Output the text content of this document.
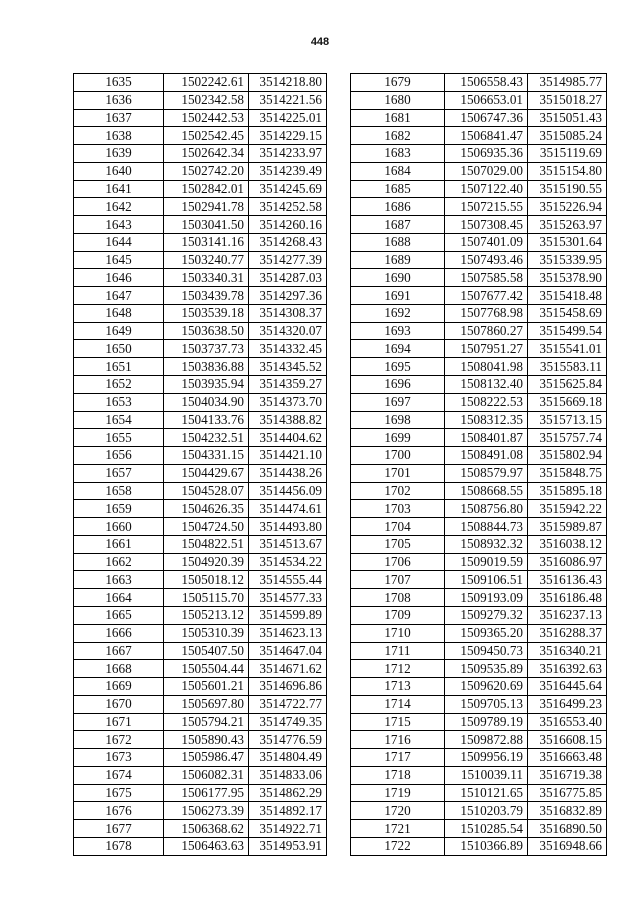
448
1635	1502242.61	3514218.80
1636	1502342.58	3514221.56
1637	1502442.53	3514225.01
1638	1502542.45	3514229.15
1639	1502642.34	3514233.97
1640	1502742.20	3514239.49
1641	1502842.01	3514245.69
1642	1502941.78	3514252.58
1643	1503041.50	3514260.16
1644	1503141.16	3514268.43
1645	1503240.77	3514277.39
1646	1503340.31	3514287.03
1647	1503439.78	3514297.36
1648	1503539.18	3514308.37
1649	1503638.50	3514320.07
1650	1503737.73	3514332.45
1651	1503836.88	3514345.52
1652	1503935.94	3514359.27
1653	1504034.90	3514373.70
1654	1504133.76	3514388.82
1655	1504232.51	3514404.62
1656	1504331.15	3514421.10
1657	1504429.67	3514438.26
1658	1504528.07	3514456.09
1659	1504626.35	3514474.61
1660	1504724.50	3514493.80
1661	1504822.51	3514513.67
1662	1504920.39	3514534.22
1663	1505018.12	3514555.44
1664	1505115.70	3514577.33
1665	1505213.12	3514599.89
1666	1505310.39	3514623.13
1667	1505407.50	3514647.04
1668	1505504.44	3514671.62
1669	1505601.21	3514696.86
1670	1505697.80	3514722.77
1671	1505794.21	3514749.35
1672	1505890.43	3514776.59
1673	1505986.47	3514804.49
1674	1506082.31	3514833.06
1675	1506177.95	3514862.29
1676	1506273.39	3514892.17
1677	1506368.62	3514922.71
1678	1506463.63	3514953.91
1679	1506558.43	3514985.77
1680	1506653.01	3515018.27
1681	1506747.36	3515051.43
1682	1506841.47	3515085.24
1683	1506935.36	3515119.69
1684	1507029.00	3515154.80
1685	1507122.40	3515190.55
1686	1507215.55	3515226.94
1687	1507308.45	3515263.97
1688	1507401.09	3515301.64
1689	1507493.46	3515339.95
1690	1507585.58	3515378.90
1691	1507677.42	3515418.48
1692	1507768.98	3515458.69
1693	1507860.27	3515499.54
1694	1507951.27	3515541.01
1695	1508041.98	3515583.11
1696	1508132.40	3515625.84
1697	1508222.53	3515669.18
1698	1508312.35	3515713.15
1699	1508401.87	3515757.74
1700	1508491.08	3515802.94
1701	1508579.97	3515848.75
1702	1508668.55	3515895.18
1703	1508756.80	3515942.22
1704	1508844.73	3515989.87
1705	1508932.32	3516038.12
1706	1509019.59	3516086.97
1707	1509106.51	3516136.43
1708	1509193.09	3516186.48
1709	1509279.32	3516237.13
1710	1509365.20	3516288.37
1711	1509450.73	3516340.21
1712	1509535.89	3516392.63
1713	1509620.69	3516445.64
1714	1509705.13	3516499.23
1715	1509789.19	3516553.40
1716	1509872.88	3516608.15
1717	1509956.19	3516663.48
1718	1510039.11	3516719.38
1719	1510121.65	3516775.85
1720	1510203.79	3516832.89
1721	1510285.54	3516890.50
1722	1510366.89	3516948.66
